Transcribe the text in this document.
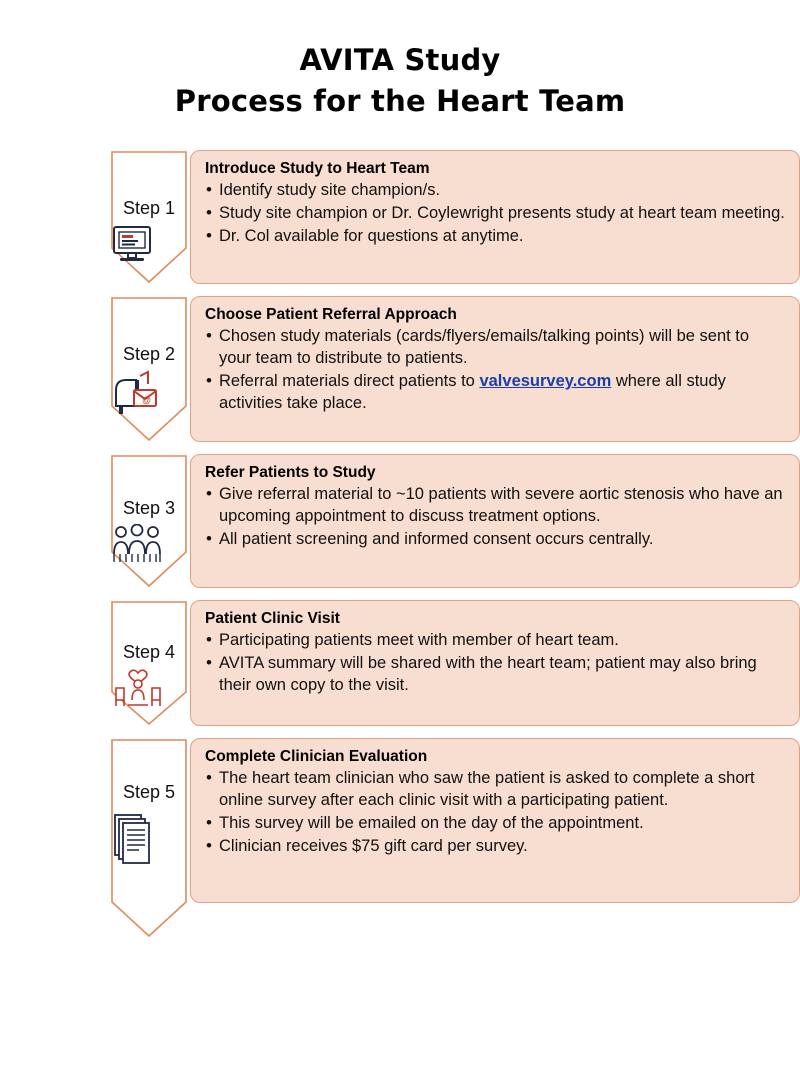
AVITA Study
Process for the Heart Team
Step 1
Introduce Study to Heart Team
• Identify study site champion/s.
• Study site champion or Dr. Coylewright presents study at heart team meeting.
• Dr. Col available for questions at anytime.
Step 2
@
Choose Patient Referral Approach
• Chosen study materials (cards/flyers/emails/talking points) will be sent to your team to distribute to patients.
• Referral materials direct patients to valvesurvey.com where all study activities take place.
Step 3
Refer Patients to Study
• Give referral material to ~10 patients with severe aortic stenosis who have an upcoming appointment to discuss treatment options.
• All patient screening and informed consent occurs centrally.
Step 4
Patient Clinic Visit
• Participating patients meet with member of heart team.
• AVITA summary will be shared with the heart team; patient may also bring their own copy to the visit.
Step 5
Complete Clinician Evaluation
• The heart team clinician who saw the patient is asked to complete a short online survey after each clinic visit with a participating patient.
• This survey will be emailed on the day of the appointment.
• Clinician receives $75 gift card per survey.
